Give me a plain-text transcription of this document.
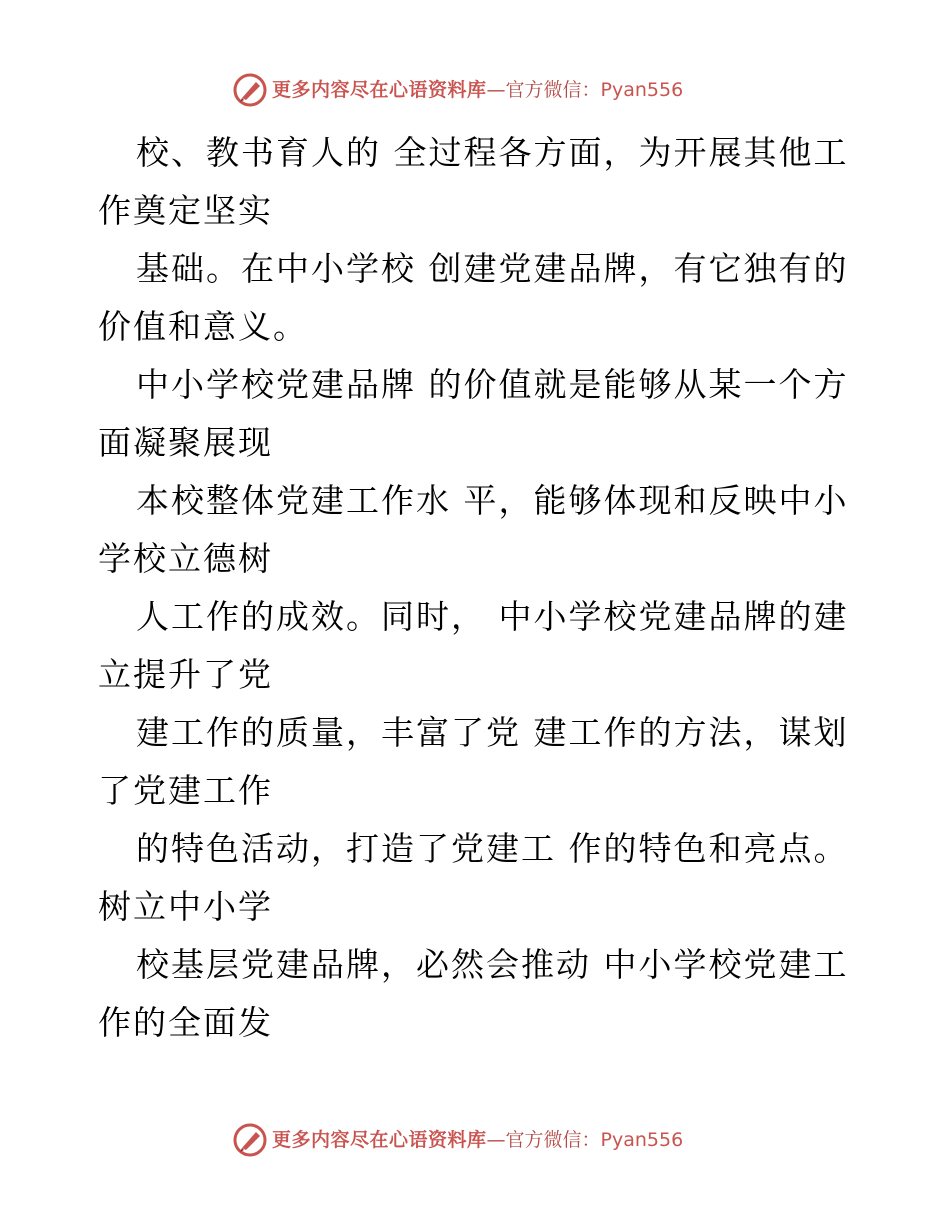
更多内容尽在心语资料库—官方微信：Pyan556

校、教书育人的 全过程各方面，为开展其他工
作奠定坚实

基础。在中小学校 创建党建品牌，有它独有的
价值和意义。

中小学校党建品牌 的价值就是能够从某一个方
面凝聚展现

本校整体党建工作水 平，能够体现和反映中小
学校立德树

人工作的成效。同时， 中小学校党建品牌的建
立提升了党

建工作的质量，丰富了党 建工作的方法，谋划
了党建工作

的特色活动，打造了党建工 作的特色和亮点。
树立中小学

校基层党建品牌，必然会推动 中小学校党建工
作的全面发

更多内容尽在心语资料库—官方微信：Pyan556
